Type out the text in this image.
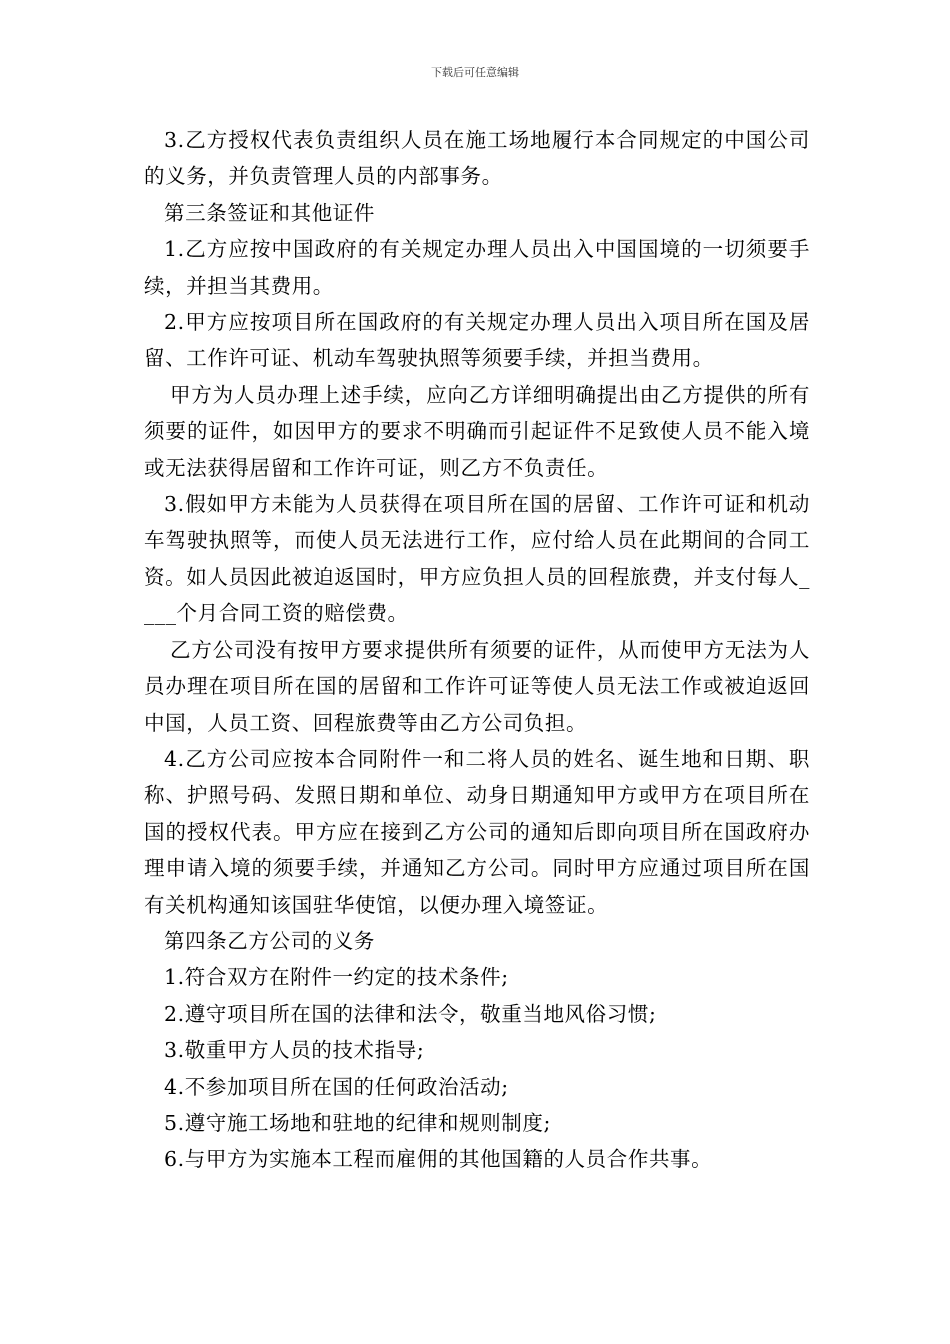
下载后可任意编辑

3.乙方授权代表负责组织人员在施工场地履行本合同规定的中国公司的义务，并负责管理人员的内部事务。

第三条签证和其他证件

1.乙方应按中国政府的有关规定办理人员出入中国国境的一切须要手续，并担当其费用。

2.甲方应按项目所在国政府的有关规定办理人员出入项目所在国及居留、工作许可证、机动车驾驶执照等须要手续，并担当费用。

甲方为人员办理上述手续，应向乙方详细明确提出由乙方提供的所有须要的证件，如因甲方的要求不明确而引起证件不足致使人员不能入境或无法获得居留和工作许可证，则乙方不负责任。

3.假如甲方未能为人员获得在项目所在国的居留、工作许可证和机动车驾驶执照等，而使人员无法进行工作，应付给人员在此期间的合同工资。如人员因此被迫返国时，甲方应负担人员的回程旅费，并支付每人____个月合同工资的赔偿费。

乙方公司没有按甲方要求提供所有须要的证件，从而使甲方无法为人员办理在项目所在国的居留和工作许可证等使人员无法工作或被迫返回中国，人员工资、回程旅费等由乙方公司负担。

4.乙方公司应按本合同附件一和二将人员的姓名、诞生地和日期、职称、护照号码、发照日期和单位、动身日期通知甲方或甲方在项目所在国的授权代表。甲方应在接到乙方公司的通知后即向项目所在国政府办理申请入境的须要手续，并通知乙方公司。同时甲方应通过项目所在国有关机构通知该国驻华使馆，以便办理入境签证。

第四条乙方公司的义务

1.符合双方在附件一约定的技术条件;

2.遵守项目所在国的法律和法令，敬重当地风俗习惯;

3.敬重甲方人员的技术指导;

4.不参加项目所在国的任何政治活动;

5.遵守施工场地和驻地的纪律和规则制度;

6.与甲方为实施本工程而雇佣的其他国籍的人员合作共事。
